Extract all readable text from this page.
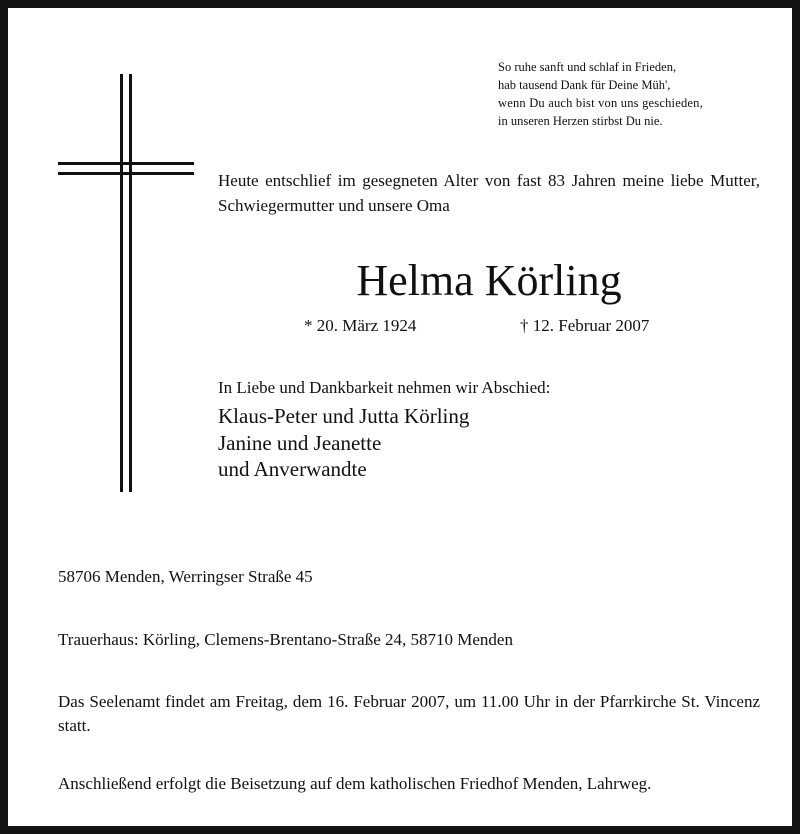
So ruhe sanft und schlaf in Frieden,
hab tausend Dank für Deine Müh',
wenn Du auch bist von uns geschieden,
in unseren Herzen stirbst Du nie.
Heute entschlief im gesegneten Alter von fast 83 Jahren meine liebe Mutter, Schwiegermutter und unsere Oma
Helma Körling
* 20. März 1924	† 12. Februar 2007
In Liebe und Dankbarkeit nehmen wir Abschied:
Klaus-Peter und Jutta Körling
Janine und Jeanette
und Anverwandte
58706 Menden, Werringser Straße 45
Trauerhaus: Körling, Clemens-Brentano-Straße 24, 58710 Menden
Das Seelenamt findet am Freitag, dem 16. Februar 2007, um 11.00 Uhr in der Pfarrkirche St. Vincenz statt.
Anschließend erfolgt die Beisetzung auf dem katholischen Friedhof Menden, Lahrweg.
